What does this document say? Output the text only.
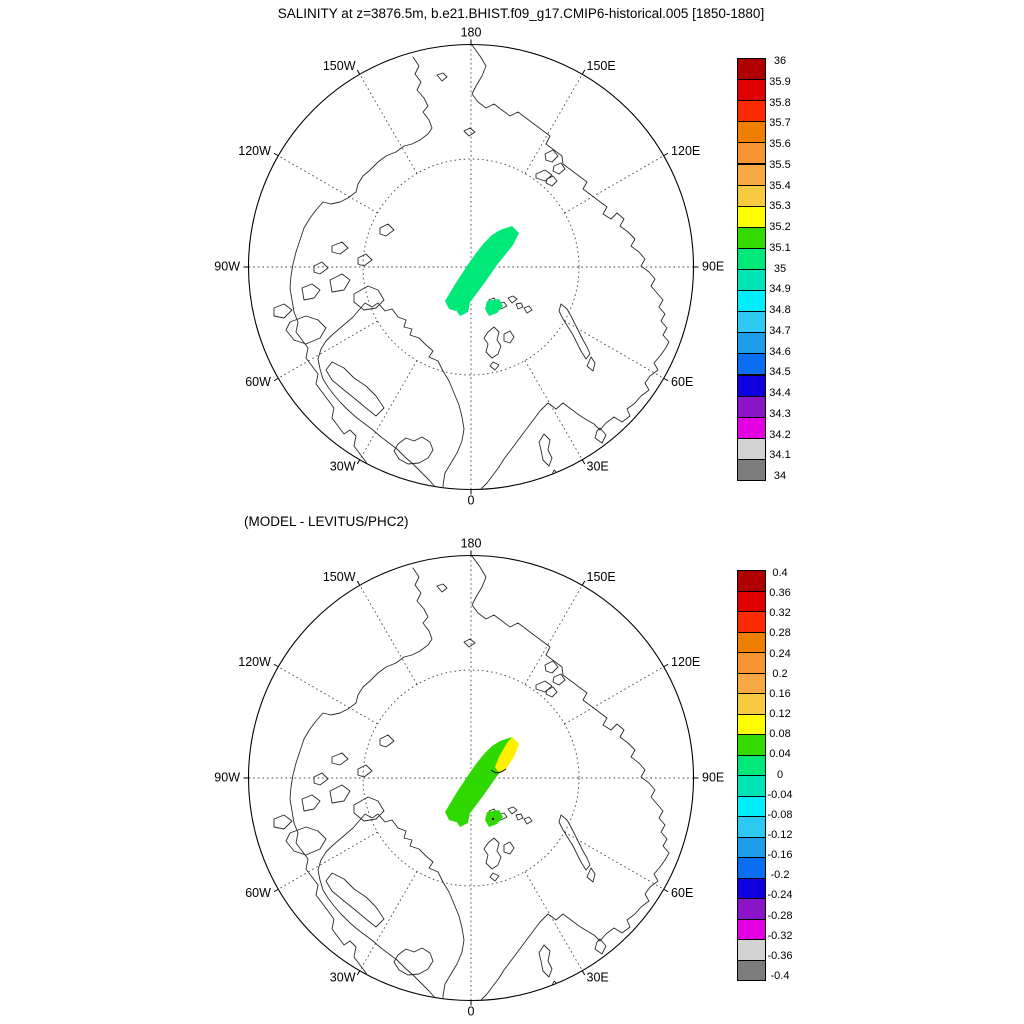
SALINITY at z=3876.5m, b.e21.BHIST.f09_g17.CMIP6-historical.005 [1850-1880]
180
150E
120E
90E
60E
30E
0
30W
60W
90W
120W
150W
(MODEL - LEVITUS/PHC2)
180
150E
120E
90E
60E
30E
0
30W
60W
90W
120W
150W
36
35.9
35.8
35.7
35.6
35.5
35.4
35.3
35.2
35.1
35
34.9
34.8
34.7
34.6
34.5
34.4
34.3
34.2
34.1
34
0.4
0.36
0.32
0.28
0.24
0.2
0.16
0.12
0.08
0.04
0
-0.04
-0.08
-0.12
-0.16
-0.2
-0.24
-0.28
-0.32
-0.36
-0.4
